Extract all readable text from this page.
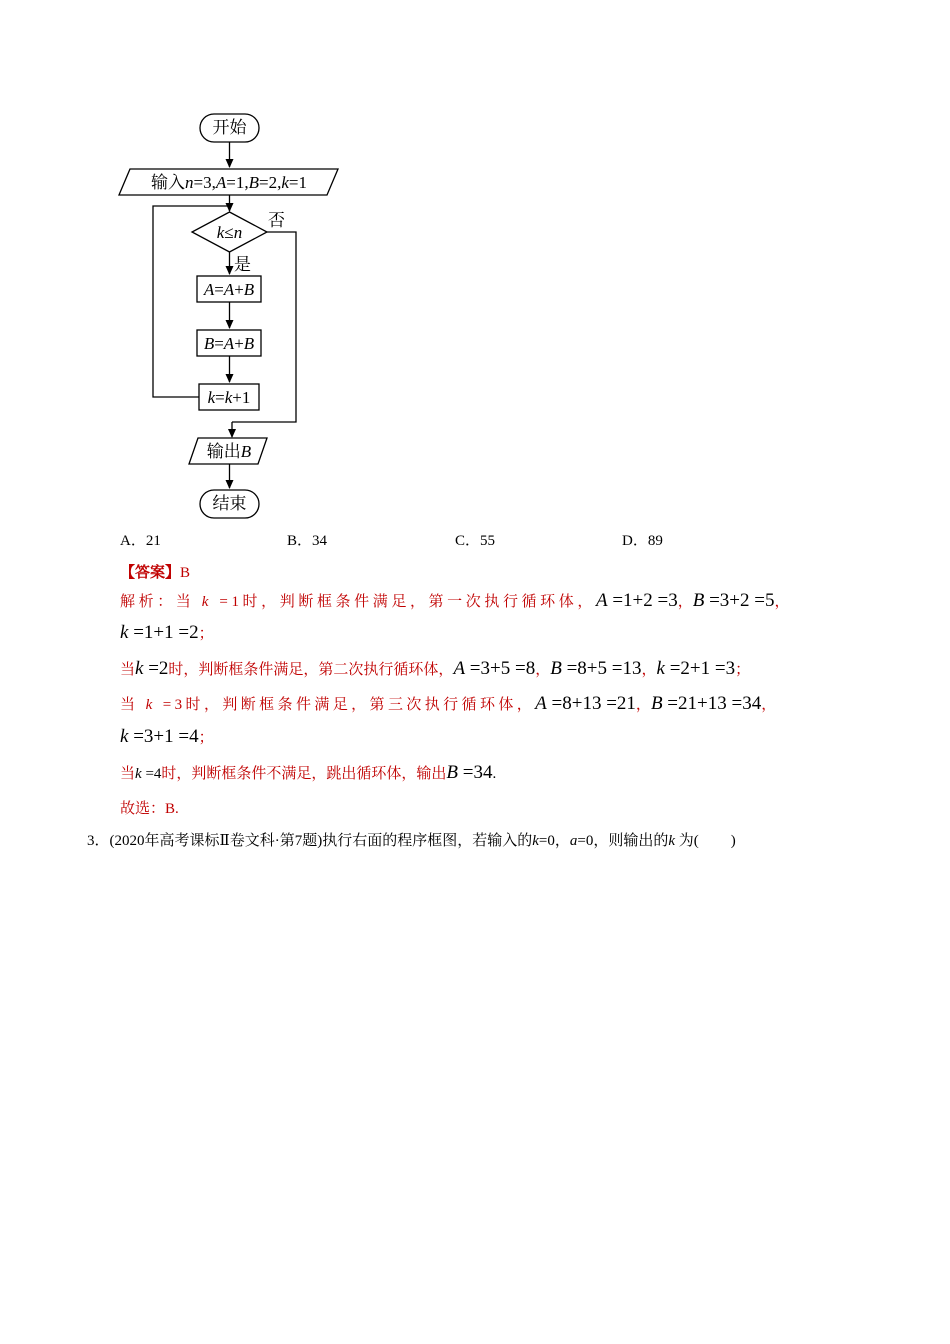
开始
输入n=3,A=1,B=2,k=1
k≤n
否
是
A=A+B
B=A+B
k=k+1
输出B
结束
A．21	B．34	C．55	D．89
【答案】B
解析：当 k =1时，判断框条件满足，第一次执行循环体，A =1+2 =3，B =3+2 =5，
k =1+1 =2；
当k =2时，判断框条件满足，第二次执行循环体，A =3+5 =8，B =8+5 =13，k =2+1 =3；
当 k =3时，判断框条件满足，第三次执行循环体，A =8+13 =21，B =21+13 =34，
k =3+1 =4；
当k =4时，判断框条件不满足，跳出循环体，输出B =34.
故选：B.
3．(2020年高考课标Ⅱ卷文科·第7题)执行右面的程序框图，若输入的k=0，a=0，则输出的k 为( )
